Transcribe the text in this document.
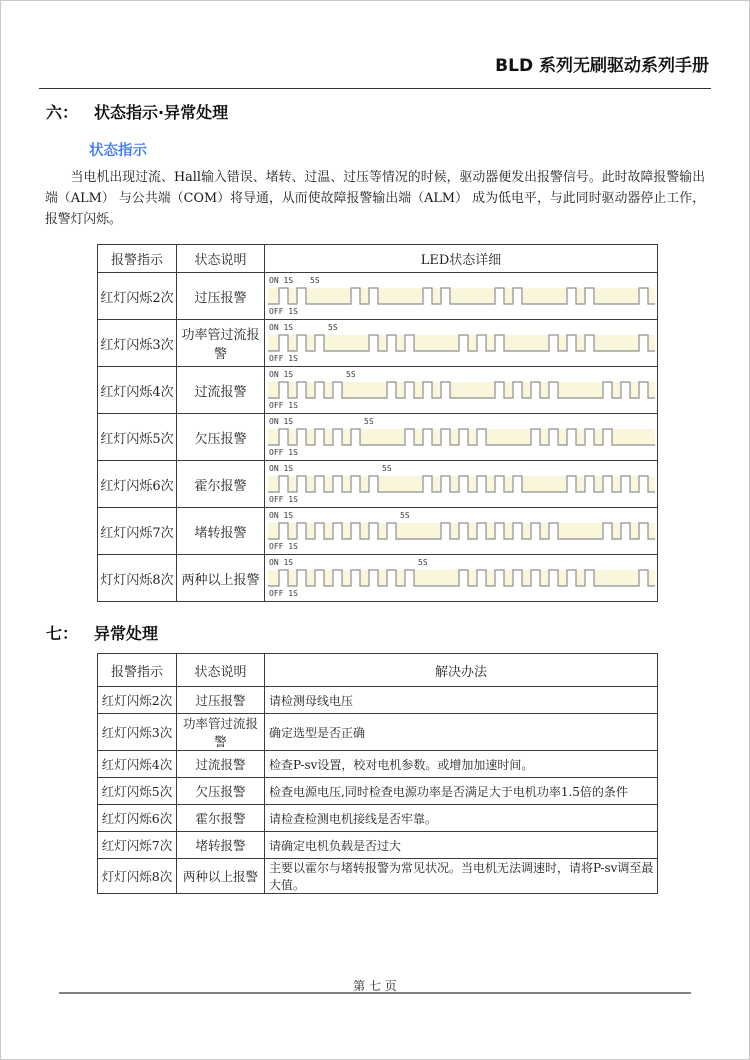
BLD 系列无刷驱动系列手册
六： 状态指示·异常处理
状态指示

当电机出现过流、Hall输入错误、堵转、过温、过压等情况的时候，驱动器便发出报警信号。此时故障报警输出端（ALM） 与公共端（COM）将导通，从而使故障报警输出端（ALM） 成为低电平，与此同时驱动器停止工作，报警灯闪烁。

报警指示	状态说明	LED状态详细
红灯闪烁2次	过压报警	ON 1S 5S
OFF 1S

红灯闪烁3次	功率管过流报警	ON 1S 5S
OFF 1S

红灯闪烁4次	过流报警	ON 1S 5S
OFF 1S

红灯闪烁5次	欠压报警	ON 1S 5S
OFF 1S

红灯闪烁6次	霍尔报警	ON 1S 5S
OFF 1S

红灯闪烁7次	堵转报警	ON 1S 5S
OFF 1S

灯灯闪烁8次	两种以上报警	ON 1S 5S
OFF 1S
七： 异常处理
报警指示	状态说明	解决办法
红灯闪烁2次	过压报警	请检测母线电压
红灯闪烁3次	功率管过流报警	确定选型是否正确
红灯闪烁4次	过流报警	检查P-sv设置，校对电机参数。或增加加速时间。
红灯闪烁5次	欠压报警	检查电源电压,同时检查电源功率是否满足大于电机功率1.5倍的条件
红灯闪烁6次	霍尔报警	请检查检测电机接线是否牢靠。
红灯闪烁7次	堵转报警	请确定电机负载是否过大
灯灯闪烁8次	两种以上报警	主要以霍尔与堵转报警为常见状况。当电机无法调速时，请将P-sv调至最大值。
第 七 页
